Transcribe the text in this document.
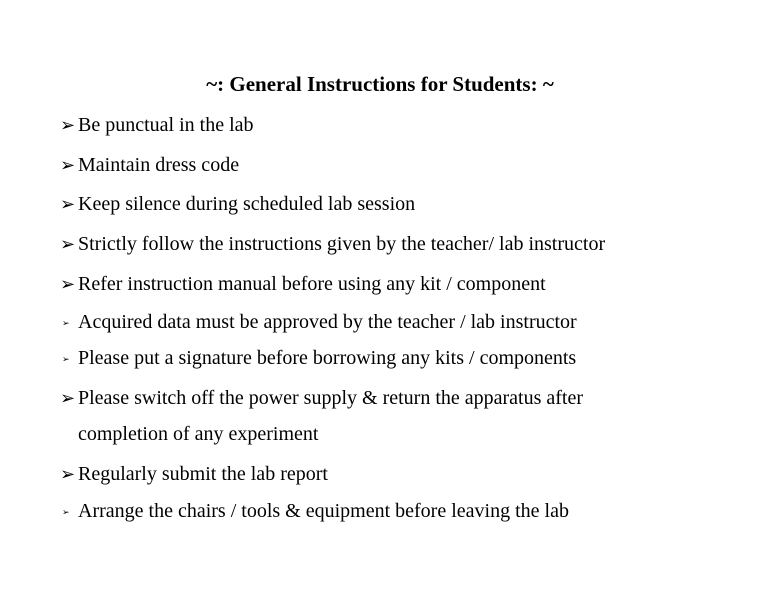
~: General Instructions for Students: ~
➢ Be punctual in the lab
➢ Maintain dress code
➢ Keep silence during scheduled lab session
➢ Strictly follow the instructions given by the teacher/ lab instructor
➢ Refer instruction manual before using any kit / component
➢ Acquired data must be approved by the teacher / lab instructor
➢ Please put a signature before borrowing any kits / components
➢ Please switch off the power supply & return the apparatus after
completion of any experiment
➢ Regularly submit the lab report
➢ Arrange the chairs / tools & equipment before leaving the lab
